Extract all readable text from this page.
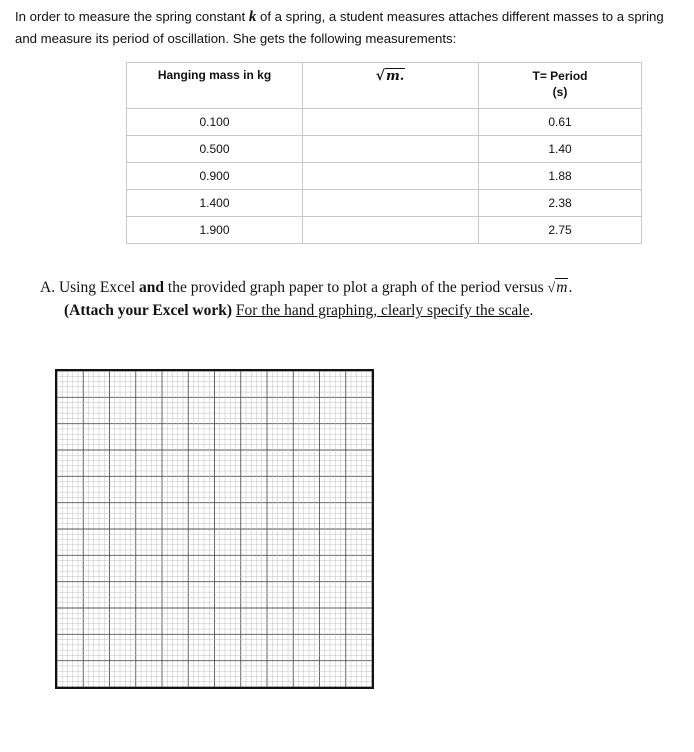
In order to measure the spring constant k of a spring, a student measures attaches different masses to a spring and measure its period of oscillation. She gets the following measurements:
Hanging mass in kg	√m.	T= Period
(s)
0.100		0.61
0.500		1.40
0.900		1.88
1.400		2.38
1.900		2.75
A. Using Excel and the provided graph paper to plot a graph of the period versus √m.
(Attach your Excel work) For the hand graphing, clearly specify the scale.
